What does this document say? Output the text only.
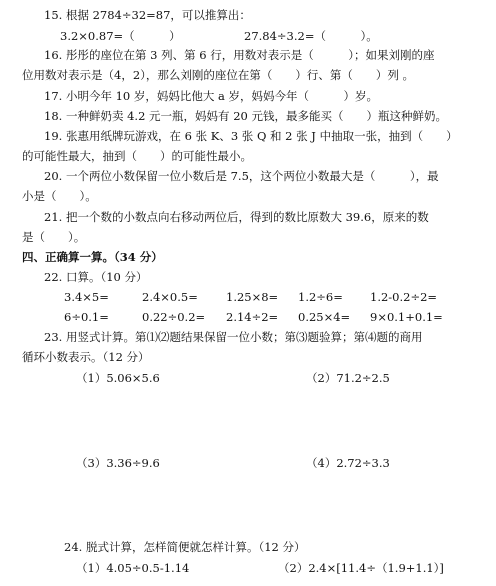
15. 根据 2784÷32=87，可以推算出：
3.2×0.87=（　　　）	27.84÷3.2=（　　　）。
16. 彤彤的座位在第 3 列、第 6 行，用数对表示是（　　　）；如果刘刚的座
位用数对表示是（4，2），那么刘刚的座位在第（　　）行、第（　　）列 。
17. 小明今年 10 岁，妈妈比他大 a 岁，妈妈今年（　　　）岁。
18. 一种鲜奶卖 4.2 元一瓶，妈妈有 20 元钱，最多能买（　　）瓶这种鲜奶。
19. 张惠用纸牌玩游戏，在 6 张 K、3 张 Q 和 2 张 J 中抽取一张，抽到（　　）
的可能性最大，抽到（　　）的可能性最小。
20. 一个两位小数保留一位小数后是 7.5，这个两位小数最大是（　　　），最
小是（　　）。
21. 把一个数的小数点向右移动两位后，得到的数比原数大 39.6，原来的数
是（　　）。
四、正确算一算。（34 分）
22. 口算。（10 分）
3.4×5=	2.4×0.5=	1.25×8=	1.2÷6=	1.2-0.2÷2=
6÷0.1=	0.22÷0.2=	2.14÷2=	0.25×4=	9×0.1+0.1=
23. 用竖式计算。第⑴⑵题结果保留一位小数；第⑶题验算；第⑷题的商用
循环小数表示。（12 分）
（1）5.06×5.6	（2）71.2÷2.5
（3）3.36÷9.6	（4）2.72÷3.3
24. 脱式计算，怎样简便就怎样计算。（12 分）
（1）4.05÷0.5-1.14	（2）2.4×[11.4÷（1.9+1.1）]
